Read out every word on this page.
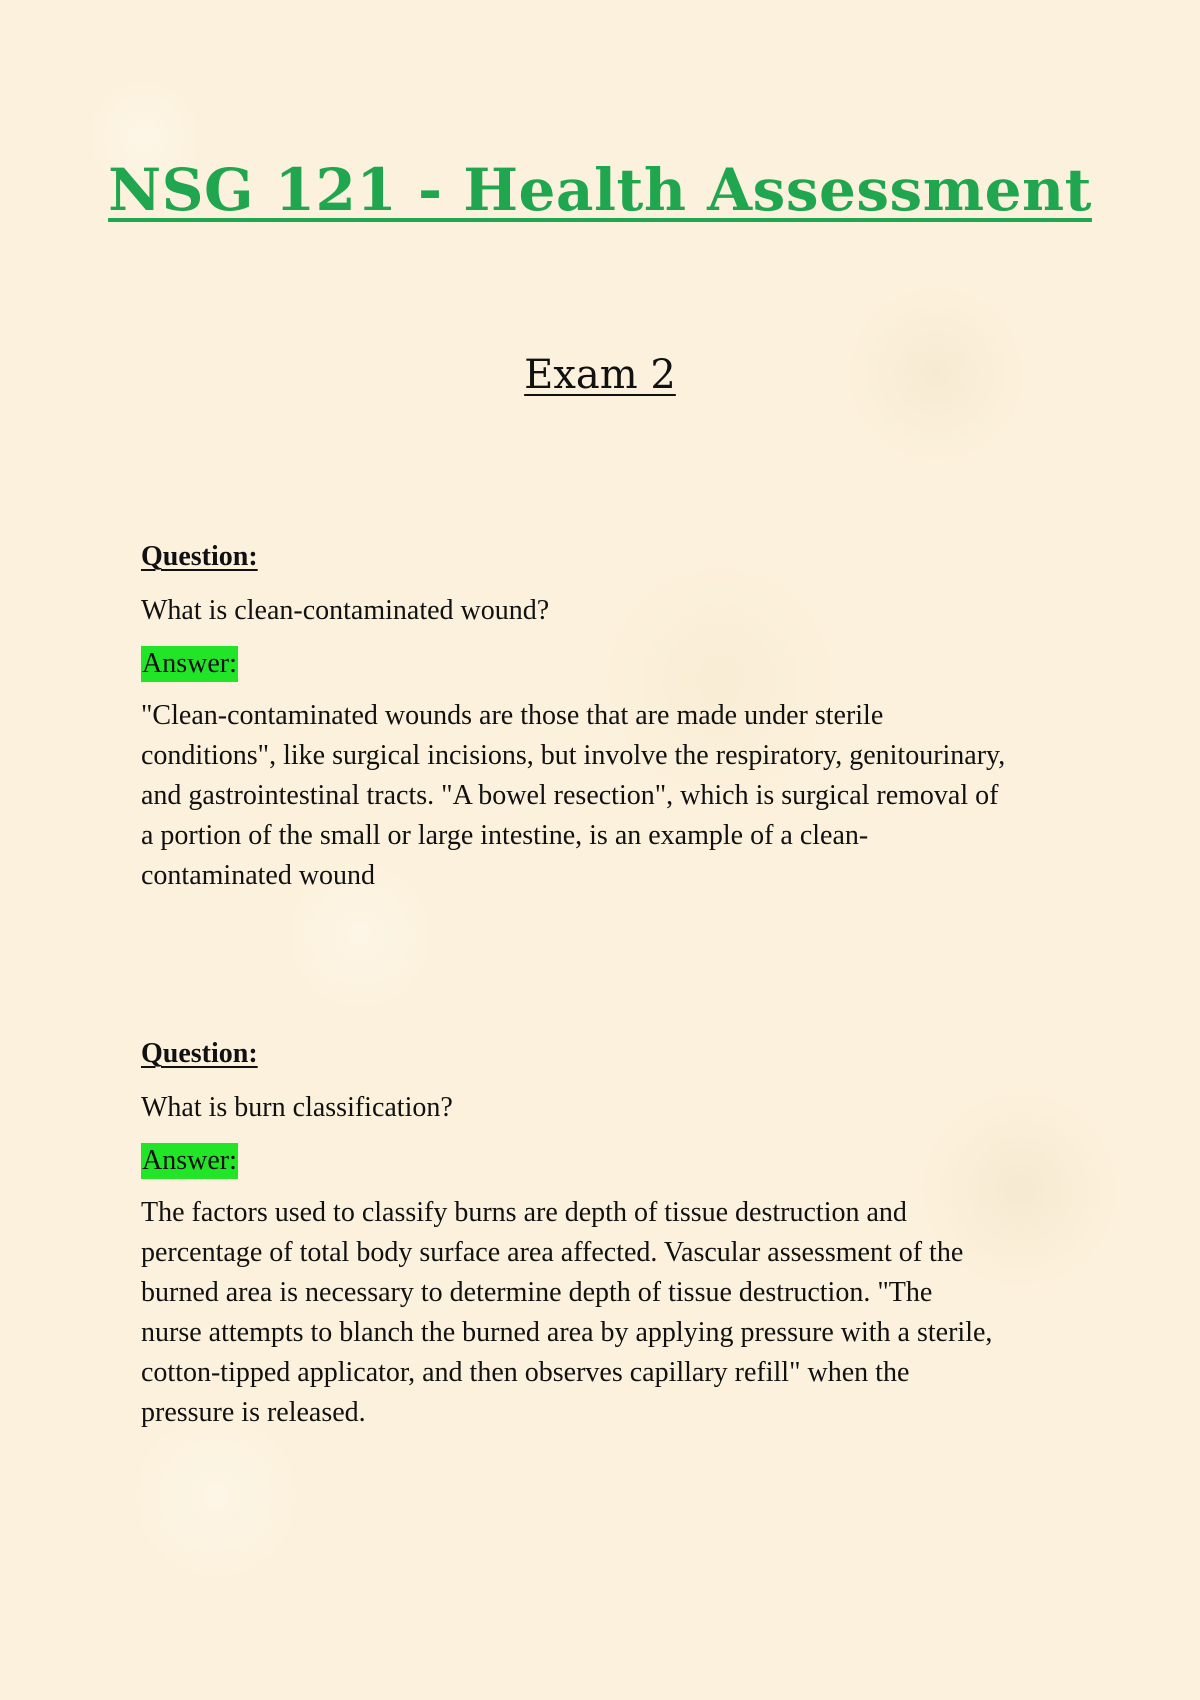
NSG 121 - Health Assessment
Exam 2

Question:

What is clean-contaminated wound?

Answer:

"Clean-contaminated wounds are those that are made under sterile
conditions", like surgical incisions, but involve the respiratory, genitourinary,
and gastrointestinal tracts. "A bowel resection", which is surgical removal of
a portion of the small or large intestine, is an example of a clean-
contaminated wound

Question:

What is burn classification?

Answer:

The factors used to classify burns are depth of tissue destruction and
percentage of total body surface area affected. Vascular assessment of the
burned area is necessary to determine depth of tissue destruction. "The
nurse attempts to blanch the burned area by applying pressure with a sterile,
cotton-tipped applicator, and then observes capillary refill" when the
pressure is released.
